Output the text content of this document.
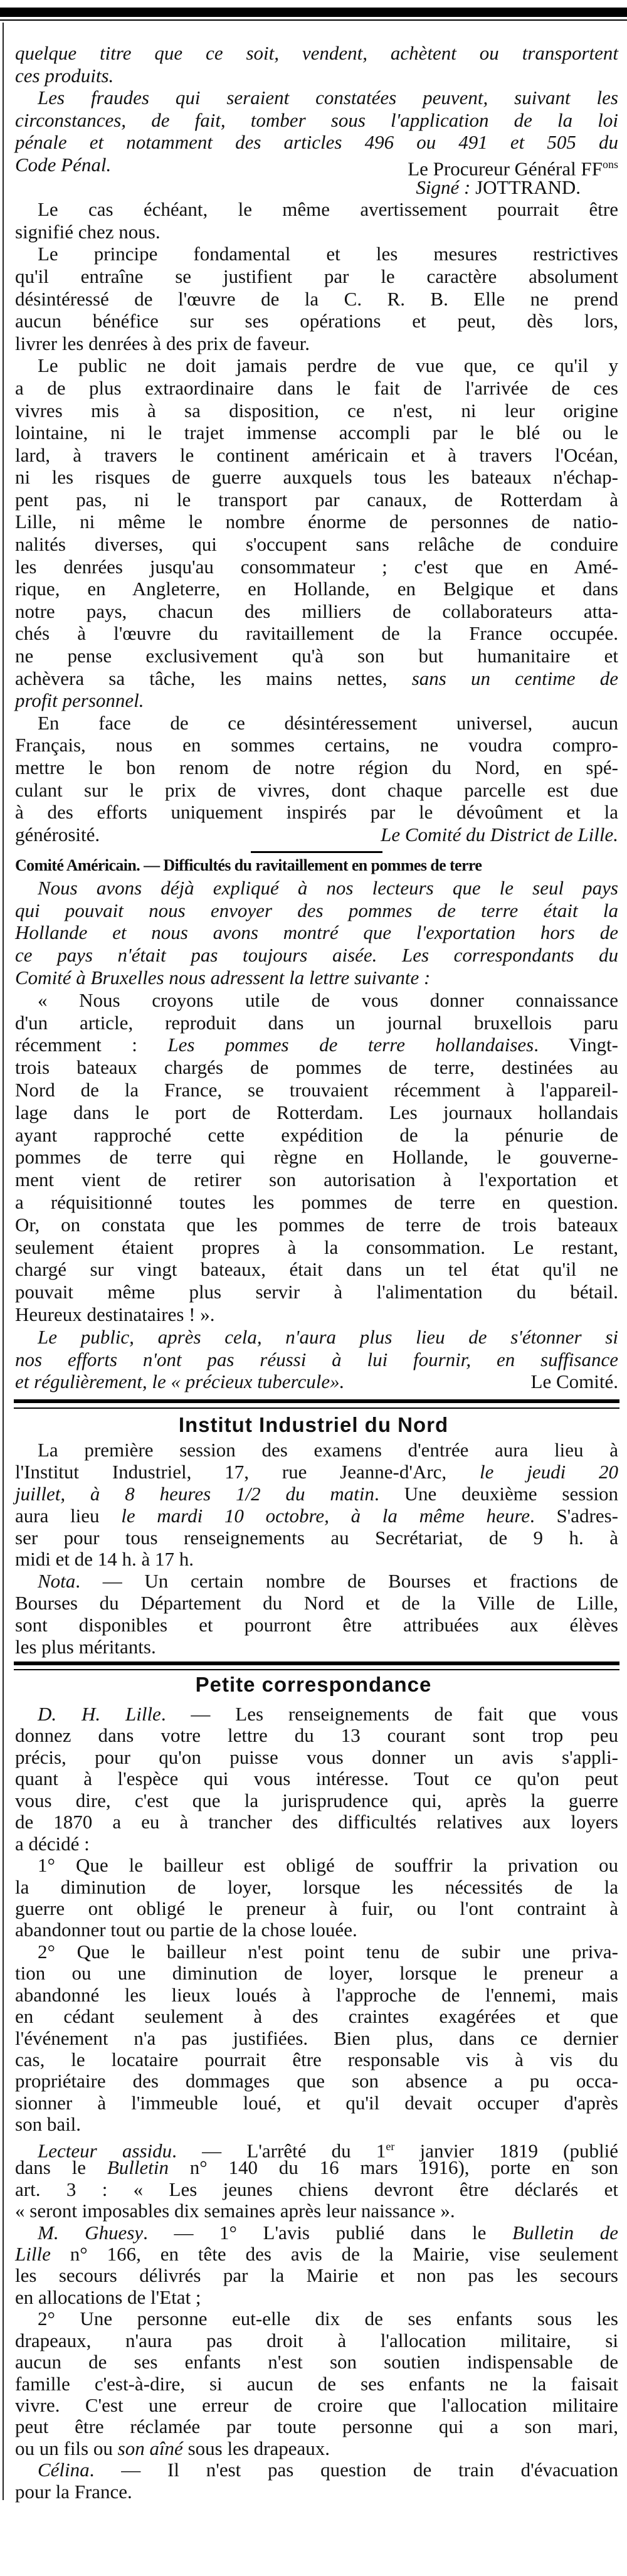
quelque titre que ce soit, vendent, achètent ou transportent
ces produits.
Les fraudes qui seraient constatées peuvent, suivant les
circonstances, de fait, tomber sous l'application de la loi
pénale et notamment des articles 496 ou 491 et 505 du
Code Pénal.	Le Procureur Général $FF^{ons}$
Signé : JOTTRAND.
Le cas échéant, le même avertissement pourrait être
signifié chez nous.
Le principe fondamental et les mesures restrictives
qu'il entraîne se justifient par le caractère absolument
désintéressé de l'œuvre de la C. R. B. Elle ne prend
aucun bénéfice sur ses opérations et peut, dès lors,
livrer les denrées à des prix de faveur.
Le public ne doit jamais perdre de vue que, ce qu'il y
a de plus extraordinaire dans le fait de l'arrivée de ces
vivres mis à sa disposition, ce n'est, ni leur origine
lointaine, ni le trajet immense accompli par le blé ou le
lard, à travers le continent américain et à travers l'Océan,
ni les risques de guerre auxquels tous les bateaux n'échap-
pent pas, ni le transport par canaux, de Rotterdam à
Lille, ni même le nombre énorme de personnes de natio-
nalités diverses, qui s'occupent sans relâche de conduire
les denrées jusqu'au consommateur ; c'est que en Amé-
rique, en Angleterre, en Hollande, en Belgique et dans
notre pays, chacun des milliers de collaborateurs atta-
chés à l'œuvre du ravitaillement de la France occupée.
ne pense exclusivement qu'à son but humanitaire et
achèvera sa tâche, les mains nettes, sans un centime de
profit personnel.
En face de ce désintéressement universel, aucun
Français, nous en sommes certains, ne voudra compro-
mettre le bon renom de notre région du Nord, en spé-
culant sur le prix de vivres, dont chaque parcelle est due
à des efforts uniquement inspirés par le dévoûment et la
générosité.	Le Comité du District de Lille.
Comité Américain. — Difficultés du ravitaillement en pommes de terre
Nous avons déjà expliqué à nos lecteurs que le seul pays
qui pouvait nous envoyer des pommes de terre était la
Hollande et nous avons montré que l'exportation hors de
ce pays n'était pas toujours aisée. Les correspondants du
Comité à Bruxelles nous adressent la lettre suivante :
« Nous croyons utile de vous donner connaissance
d'un article, reproduit dans un journal bruxellois paru
récemment : Les pommes de terre hollandaises. Vingt-
trois bateaux chargés de pommes de terre, destinées au
Nord de la France, se trouvaient récemment à l'appareil-
lage dans le port de Rotterdam. Les journaux hollandais
ayant rapproché cette expédition de la pénurie de
pommes de terre qui règne en Hollande, le gouverne-
ment vient de retirer son autorisation à l'exportation et
a réquisitionné toutes les pommes de terre en question.
Or, on constata que les pommes de terre de trois bateaux
seulement étaient propres à la consommation. Le restant,
chargé sur vingt bateaux, était dans un tel état qu'il ne
pouvait même plus servir à l'alimentation du bétail.
Heureux destinataires ! ».
Le public, après cela, n'aura plus lieu de s'étonner si
nos efforts n'ont pas réussi à lui fournir, en suffisance
et régulièrement, le « précieux tubercule».	Le Comité.
Institut Industriel du Nord
La première session des examens d'entrée aura lieu à
l'Institut Industriel, 17, rue Jeanne-d'Arc, le jeudi 20
juillet, à 8 heures 1/2 du matin. Une deuxième session
aura lieu le mardi 10 octobre, à la même heure. S'adres-
ser pour tous renseignements au Secrétariat, de 9 h. à
midi et de 14 h. à 17 h.
Nota. — Un certain nombre de Bourses et fractions de
Bourses du Département du Nord et de la Ville de Lille,
sont disponibles et pourront être attribuées aux élèves
les plus méritants.
Petite correspondance
D. H. Lille. — Les renseignements de fait que vous
donnez dans votre lettre du 13 courant sont trop peu
précis, pour qu'on puisse vous donner un avis s'appli-
quant à l'espèce qui vous intéresse. Tout ce qu'on peut
vous dire, c'est que la jurisprudence qui, après la guerre
de 1870 a eu à trancher des difficultés relatives aux loyers
a décidé :
1° Que le bailleur est obligé de souffrir la privation ou
la diminution de loyer, lorsque les nécessités de la
guerre ont obligé le preneur à fuir, ou l'ont contraint à
abandonner tout ou partie de la chose louée.
2° Que le bailleur n'est point tenu de subir une priva-
tion ou une diminution de loyer, lorsque le preneur a
abandonné les lieux loués à l'approche de l'ennemi, mais
en cédant seulement à des craintes exagérées et que
l'événement n'a pas justifiées. Bien plus, dans ce dernier
cas, le locataire pourrait être responsable vis à vis du
propriétaire des dommages que son absence a pu occa-
sionner à l'immeuble loué, et qu'il devait occuper d'après
son bail.
Lecteur assidu. — L'arrêté du 1er janvier 1819 (publié
dans le Bulletin n° 140 du 16 mars 1916), porte en son
art. 3 : « Les jeunes chiens devront être déclarés et
« seront imposables dix semaines après leur naissance ».
M. Ghuesy. — 1° L'avis publié dans le Bulletin de
Lille n° 166, en tête des avis de la Mairie, vise seulement
les secours délivrés par la Mairie et non pas les secours
en allocations de l'Etat ;
2° Une personne eut-elle dix de ses enfants sous les
drapeaux, n'aura pas droit à l'allocation militaire, si
aucun de ses enfants n'est son soutien indispensable de
famille c'est-à-dire, si aucun de ses enfants ne la faisait
vivre. C'est une erreur de croire que l'allocation militaire
peut être réclamée par toute personne qui a son mari,
ou un fils ou son aîné sous les drapeaux.
Célina. — Il n'est pas question de train d'évacuation
pour la France.
